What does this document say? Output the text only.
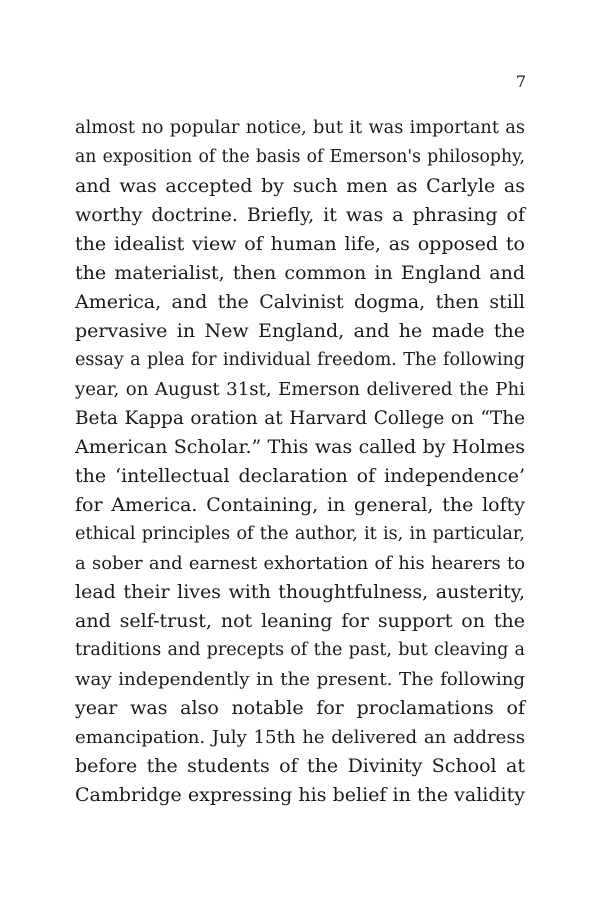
7
almost no popular notice, but it was important as
an exposition of the basis of Emerson's philosophy,
and was accepted by such men as Carlyle as
worthy doctrine. Briefly, it was a phrasing of
the idealist view of human life, as opposed to
the materialist, then common in England and
America, and the Calvinist dogma, then still
pervasive in New England, and he made the
essay a plea for individual freedom. The following
year, on August 31st, Emerson delivered the Phi
Beta Kappa oration at Harvard College on “The
American Scholar.” This was called by Holmes
the ‘intellectual declaration of independence’
for America. Containing, in general, the lofty
ethical principles of the author, it is, in particular,
a sober and earnest exhortation of his hearers to
lead their lives with thoughtfulness, austerity,
and self-trust, not leaning for support on the
traditions and precepts of the past, but cleaving a
way independently in the present. The following
year was also notable for proclamations of
emancipation. July 15th he delivered an address
before the students of the Divinity School at
Cambridge expressing his belief in the validity
